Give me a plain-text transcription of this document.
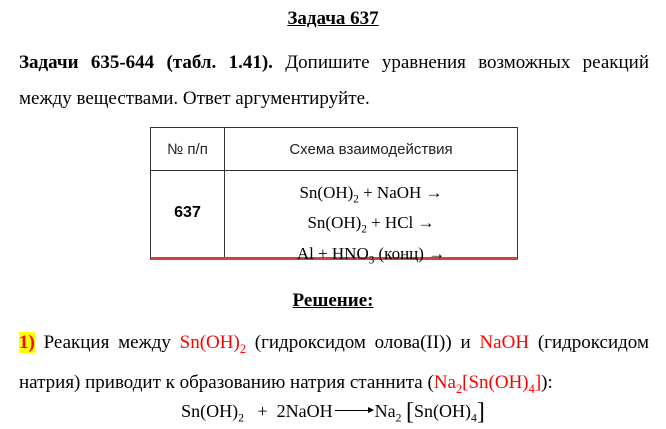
Задача 637
Задачи 635-644 (табл. 1.41). Допишите уравнения возможных реакций между веществами. Ответ аргументируйте.
№ п/п	Схема взаимодействия
637
$Sn(OH)_2$ + NaOH →
$Sn(OH)_2$ + HCl →
$Al + HNO_3$ (конц) →
Решение:
1) Реакция между $Sn(OH)_2$ (гидроксидом олова(II)) и NaOH (гидроксидом натрия) приводит к образованию натрия станнита $(Na_2[Sn(OH)_4])$:
$Sn(OH)_2$ + 2NaOH $Na_2$ $[Sn(OH)_4]$
